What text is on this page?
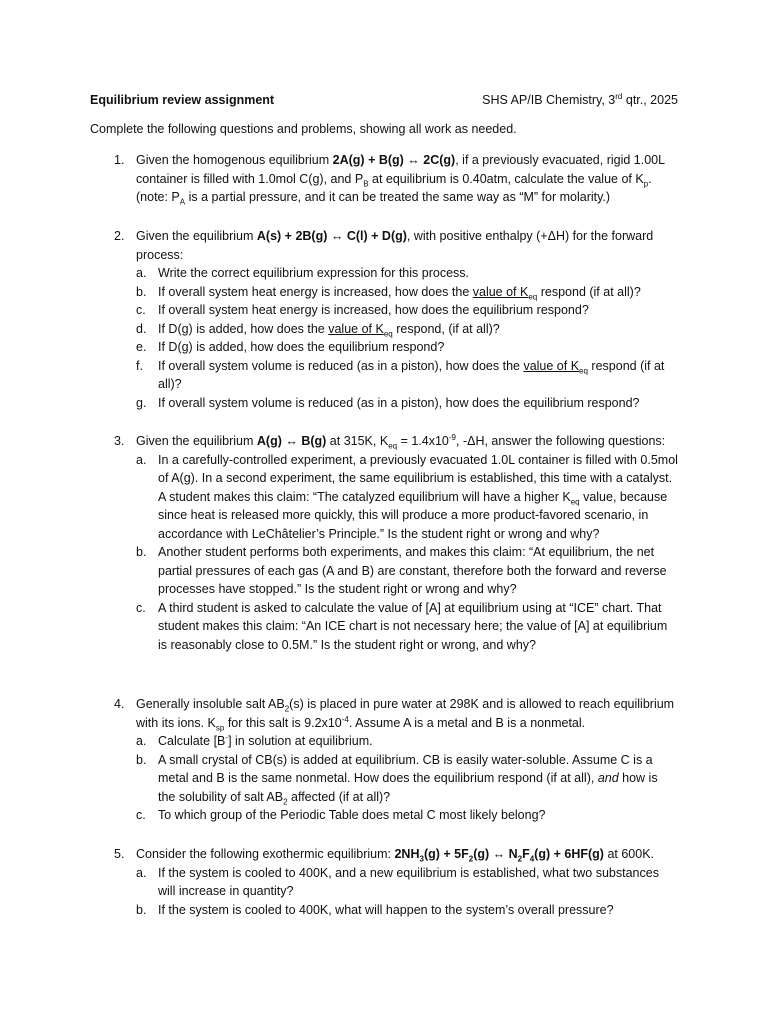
Equilibrium review assignment	SHS AP/IB Chemistry, 3rd qtr., 2025
Complete the following questions and problems, showing all work as needed.
1. Given the homogenous equilibrium 2A(g) + B(g) ↔ 2C(g), if a previously evacuated, rigid 1.00L container is filled with 1.0mol C(g), and $P_B$ at equilibrium is 0.40atm, calculate the value of $K_p$. (note: $P_A$ is a partial pressure, and it can be treated the same way as “M” for molarity.)
2. Given the equilibrium A(s) + 2B(g) ↔ C(l) + D(g), with positive enthalpy (+ΔH) for the forward process:
a. Write the correct equilibrium expression for this process.
b. If overall system heat energy is increased, how does the value of $K_{eq}$ respond (if at all)?
c. If overall system heat energy is increased, how does the equilibrium respond?
d. If D(g) is added, how does the value of $K_{eq}$ respond, (if at all)?
e. If D(g) is added, how does the equilibrium respond?
f. If overall system volume is reduced (as in a piston), how does the value of $K_{eq}$ respond (if at all)?
g. If overall system volume is reduced (as in a piston), how does the equilibrium respond?
3. Given the equilibrium A(g) ↔ B(g) at 315K, $K_{eq} = 1.4x10^{-9}$, -ΔH, answer the following questions:
a. In a carefully-controlled experiment, a previously evacuated 1.0L container is filled with 0.5mol of A(g). In a second experiment, the same equilibrium is established, this time with a catalyst. A student makes this claim: “The catalyzed equilibrium will have a higher $K_{eq}$ value, because since heat is released more quickly, this will produce a more product-favored scenario, in accordance with LeChâtelier’s Principle.” Is the student right or wrong and why?
b. Another student performs both experiments, and makes this claim: “At equilibrium, the net partial pressures of each gas (A and B) are constant, therefore both the forward and reverse processes have stopped.” Is the student right or wrong and why?
c. A third student is asked to calculate the value of [A] at equilibrium using at “ICE” chart. That student makes this claim: “An ICE chart is not necessary here; the value of [A] at equilibrium is reasonably close to 0.5M.” Is the student right or wrong, and why?
4. Generally insoluble salt $AB_2(s)$ is placed in pure water at 298K and is allowed to reach equilibrium with its ions. $K_{sp}$ for this salt is $9.2x10^{-4}$. Assume A is a metal and B is a nonmetal.
a. Calculate [B-] in solution at equilibrium.
b. A small crystal of CB(s) is added at equilibrium. CB is easily water-soluble. Assume C is a metal and B is the same nonmetal. How does the equilibrium respond (if at all), and how is the solubility of salt $AB_2$ affected (if at all)?
c. To which group of the Periodic Table does metal C most likely belong?
5. Consider the following exothermic equilibrium: $2NH_3(g) + 5F_2(g)$ ↔ $N_2F_4(g) + 6HF(g)$ at 600K.
a. If the system is cooled to 400K, and a new equilibrium is established, what two substances will increase in quantity?
b. If the system is cooled to 400K, what will happen to the system’s overall pressure?
